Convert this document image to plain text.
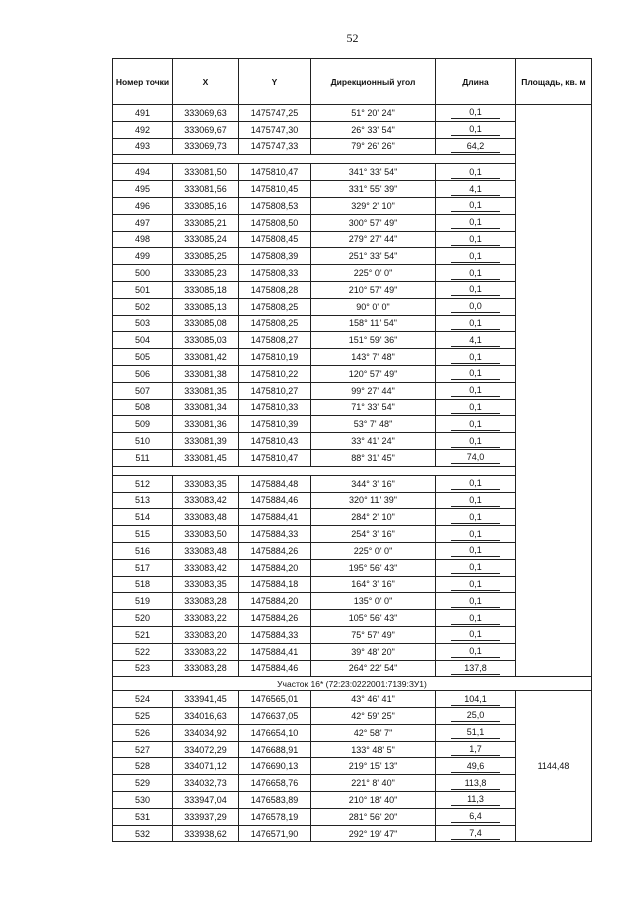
52
Номер точки	X	Y	Дирекционный угол	Длина	Площадь, кв. м
491	333069,63	1475747,25	51° 20' 24"	0,1	
492	333069,67	1475747,30	26° 33' 54"	0,1	
493	333069,73	1475747,33	79° 26' 26"	64,2	

494	333081,50	1475810,47	341° 33' 54"	0,1	
495	333081,56	1475810,45	331° 55' 39"	4,1	
496	333085,16	1475808,53	329° 2' 10"	0,1	
497	333085,21	1475808,50	300° 57' 49"	0,1	
498	333085,24	1475808,45	279° 27' 44"	0,1	
499	333085,25	1475808,39	251° 33' 54"	0,1	
500	333085,23	1475808,33	225° 0' 0"	0,1	
501	333085,18	1475808,28	210° 57' 49"	0,1	
502	333085,13	1475808,25	90° 0' 0"	0,0	
503	333085,08	1475808,25	158° 11' 54"	0,1	
504	333085,03	1475808,27	151° 59' 36"	4,1	
505	333081,42	1475810,19	143° 7' 48"	0,1	
506	333081,38	1475810,22	120° 57' 49"	0,1	
507	333081,35	1475810,27	99° 27' 44"	0,1	
508	333081,34	1475810,33	71° 33' 54"	0,1	
509	333081,36	1475810,39	53° 7' 48"	0,1	
510	333081,39	1475810,43	33° 41' 24"	0,1	
511	333081,45	1475810,47	88° 31' 45"	74,0	

512	333083,35	1475884,48	344° 3' 16"	0,1	
513	333083,42	1475884,46	320° 11' 39"	0,1	
514	333083,48	1475884,41	284° 2' 10"	0,1	
515	333083,50	1475884,33	254° 3' 16"	0,1	
516	333083,48	1475884,26	225° 0' 0"	0,1	
517	333083,42	1475884,20	195° 56' 43"	0,1	
518	333083,35	1475884,18	164° 3' 16"	0,1	
519	333083,28	1475884,20	135° 0' 0"	0,1	
520	333083,22	1475884,26	105° 56' 43"	0,1	
521	333083,20	1475884,33	75° 57' 49"	0,1	
522	333083,22	1475884,41	39° 48' 20"	0,1	
523	333083,28	1475884,46	264° 22' 54"	137,8	
Участок 16* (72:23:0222001:7139:ЗУ1)					
524	333941,45	1476565,01	43° 46' 41"	104,1	1144,48
525	334016,63	1476637,05	42° 59' 25"	25,0	
526	334034,92	1476654,10	42° 58' 7"	51,1	
527	334072,29	1476688,91	133° 48' 5"	1,7	
528	334071,12	1476690,13	219° 15' 13"	49,6	
529	334032,73	1476658,76	221° 8' 40"	113,8	
530	333947,04	1476583,89	210° 18' 40"	11,3	
531	333937,29	1476578,19	281° 56' 20"	6,4	
532	333938,62	1476571,90	292° 19' 47"	7,4	
